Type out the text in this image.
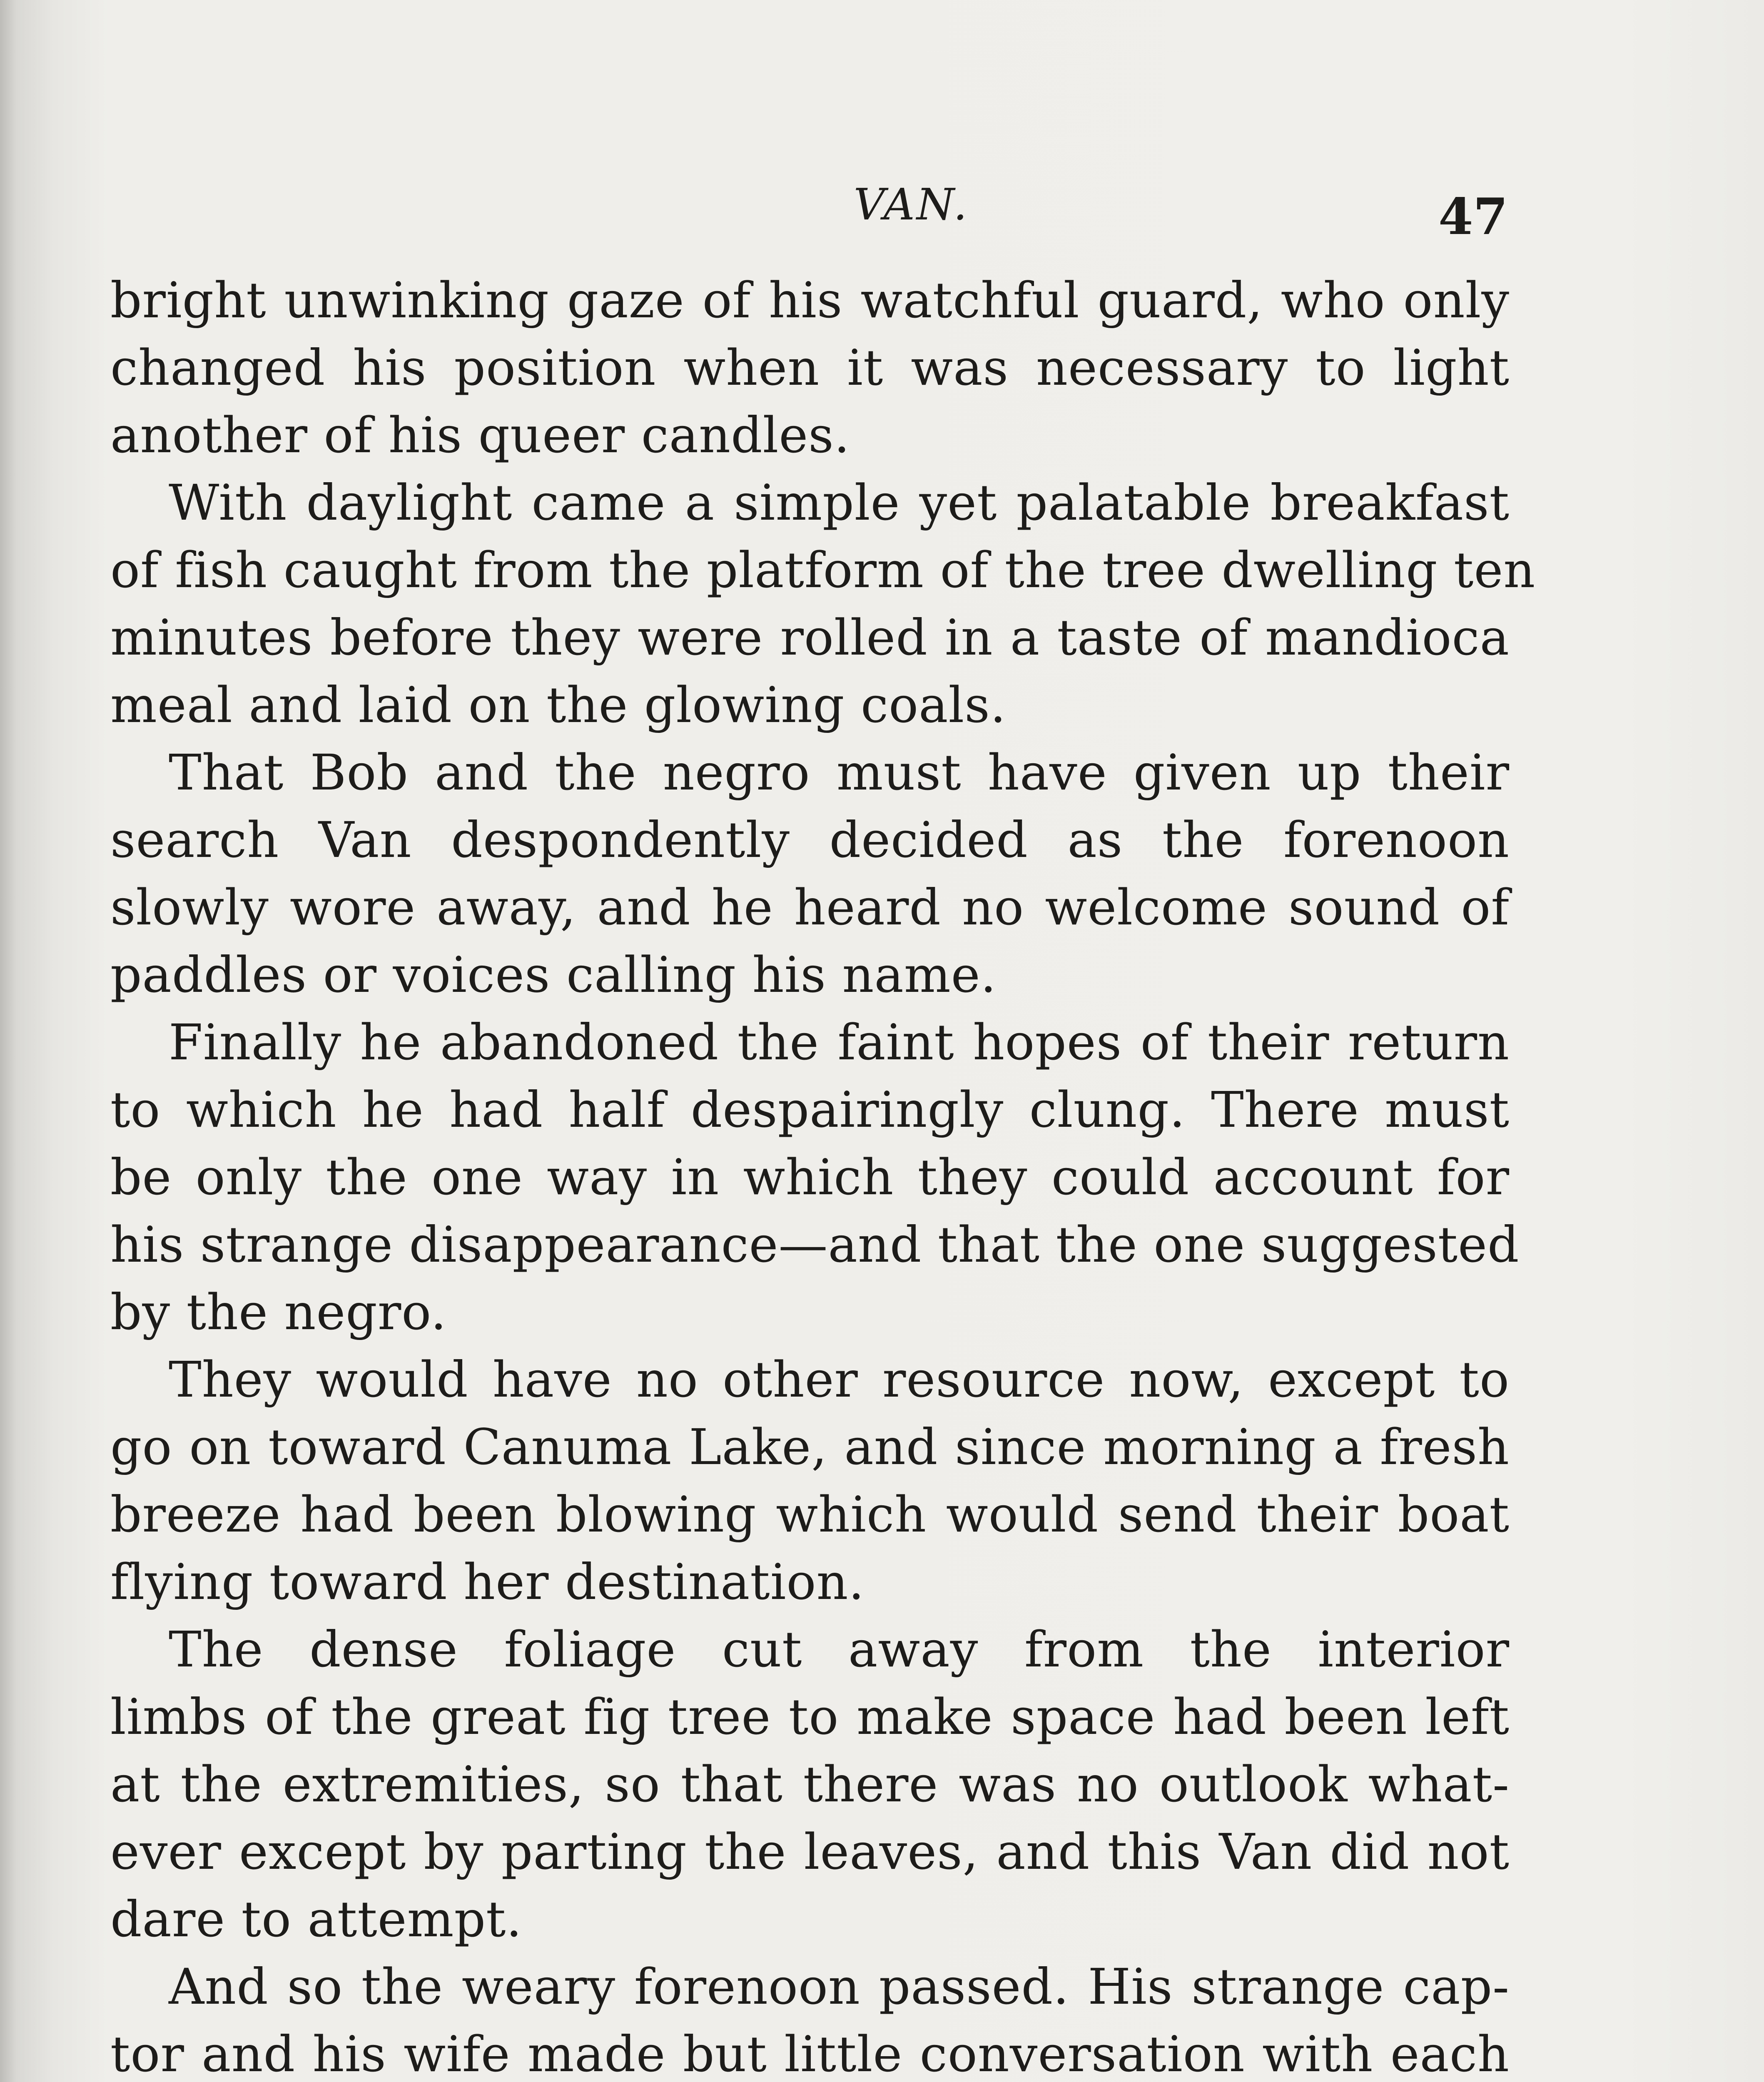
VAN.	47
bright unwinking gaze of his watchful guard, who only
changed his position when it was necessary to light
another of his queer candles.
With daylight came a simple yet palatable breakfast
of fish caught from the platform of the tree dwelling ten
minutes before they were rolled in a taste of mandioca
meal and laid on the glowing coals.
That Bob and the negro must have given up their
search Van despondently decided as the forenoon
slowly wore away, and he heard no welcome sound of
paddles or voices calling his name.
Finally he abandoned the faint hopes of their return
to which he had half despairingly clung. There must
be only the one way in which they could account for
his strange disappearance—and that the one suggested
by the negro.
They would have no other resource now, except to
go on toward Canuma Lake, and since morning a fresh
breeze had been blowing which would send their boat
flying toward her destination.
The dense foliage cut away from the interior
limbs of the great fig tree to make space had been left
at the extremities, so that there was no outlook what-
ever except by parting the leaves, and this Van did not
dare to attempt.
And so the weary forenoon passed. His strange cap-
tor and his wife made but little conversation with each
